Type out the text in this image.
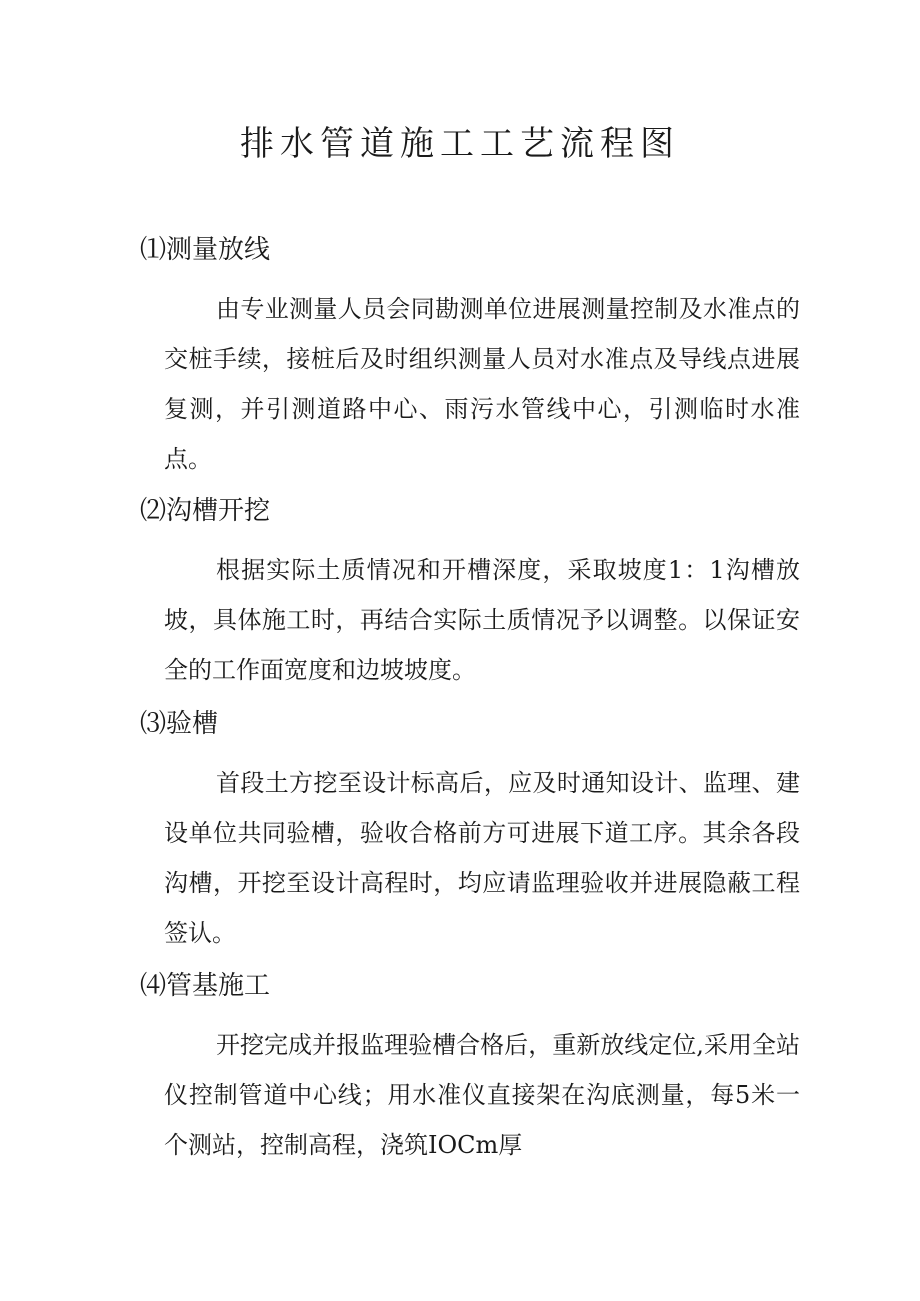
排水管道施工工艺流程图
⑴测量放线

由专业测量人员会同勘测单位进展测量控制及水准点的交桩手续，接桩后及时组织测量人员对水准点及导线点进展复测，并引测道路中心、雨污水管线中心，引测临时水准点。

⑵沟槽开挖

根据实际土质情况和开槽深度，采取坡度1：1沟槽放坡，具体施工时，再结合实际土质情况予以调整。以保证安全的工作面宽度和边坡坡度。

⑶验槽

首段土方挖至设计标高后，应及时通知设计、监理、建设单位共同验槽，验收合格前方可进展下道工序。其余各段沟槽，开挖至设计高程时，均应请监理验收并进展隐蔽工程签认。

⑷管基施工

开挖完成并报监理验槽合格后，重新放线定位,采用全站仪控制管道中心线；用水准仪直接架在沟底测量，每5米一个测站，控制高程，浇筑IOCm厚
